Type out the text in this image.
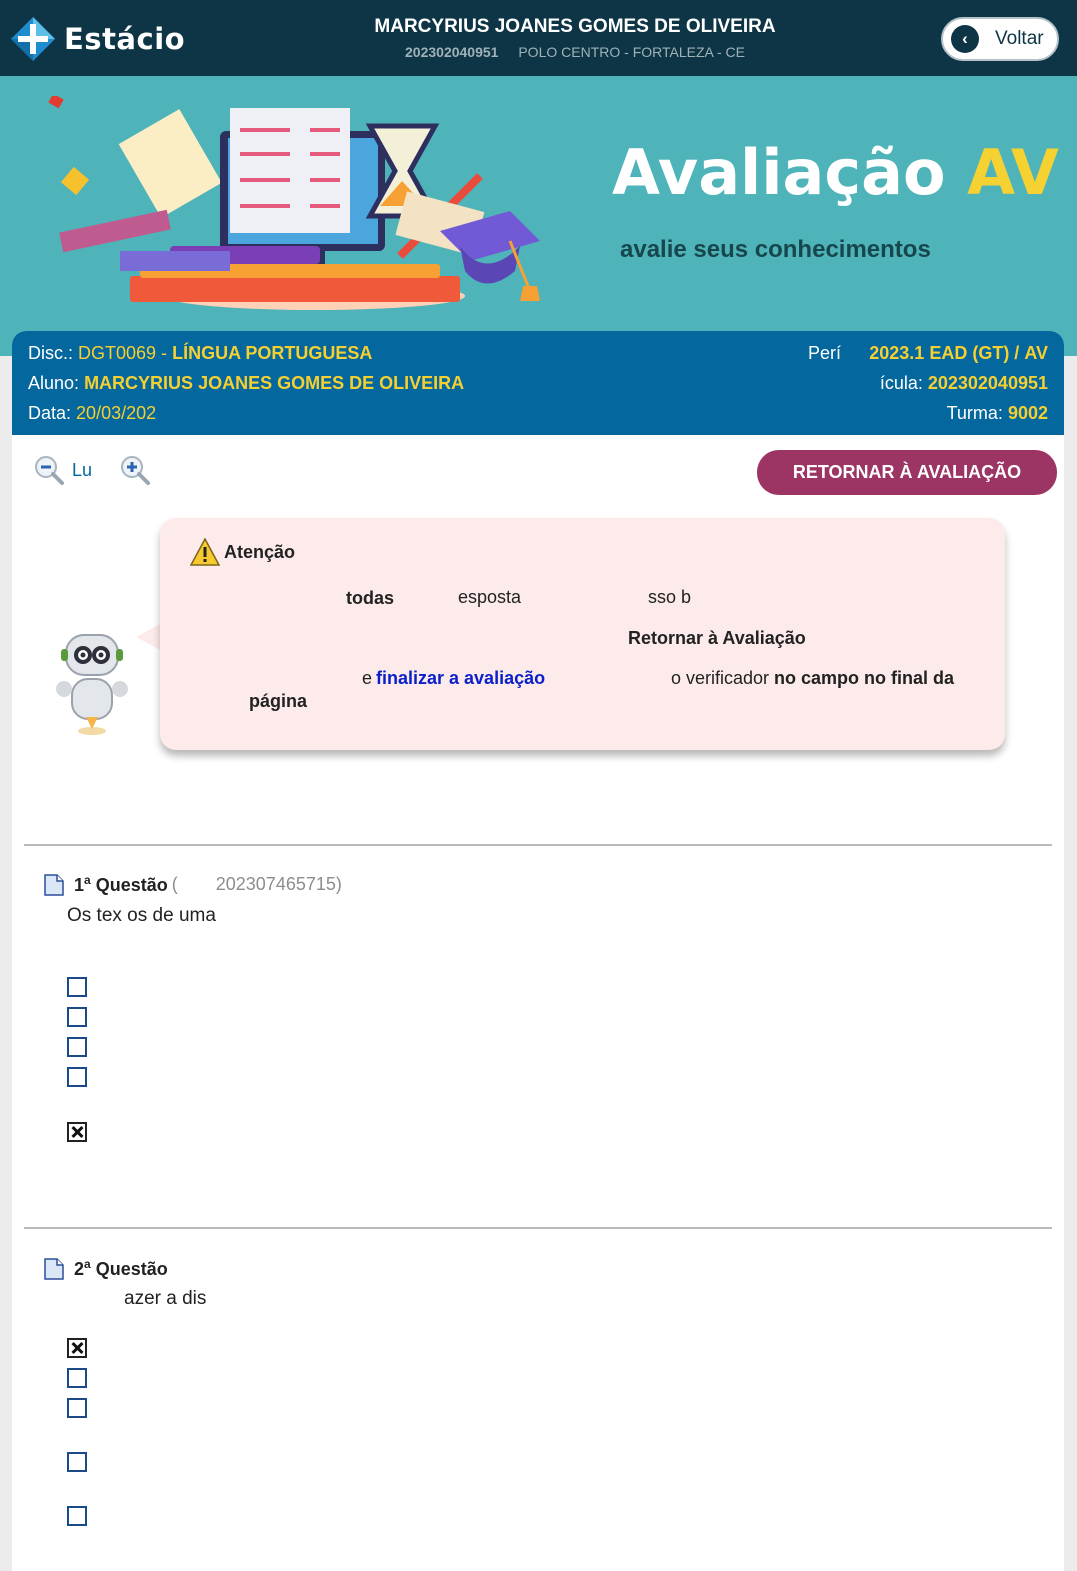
Estácio	MARCYRIUS JOANES GOMES DE OLIVEIRA
202302040951 POLO CENTRO - FORTALEZA - CE
‹	Voltar
Avaliação AV
avalie seus conhecimentos
Disc.: DGT0069 - LÍNGUA PORTUGUESA
Aluno: MARCYRIUS JOANES GOMES DE OLIVEIRA
Data: 20/03/202
Perí 2023.1 EAD (GT) / AV
ícula: 202302040951
Turma: 9002
Lu	RETORNAR À AVALIAÇÃO
Atenção
todas	esposta	sso b
Retornar à Avaliação
e finalizar a avaliação	o verificador no campo no final da
página
1$^a$ Questão ( 202307465715)
Os tex os de uma
2$^a$ Questão
azer a dis
